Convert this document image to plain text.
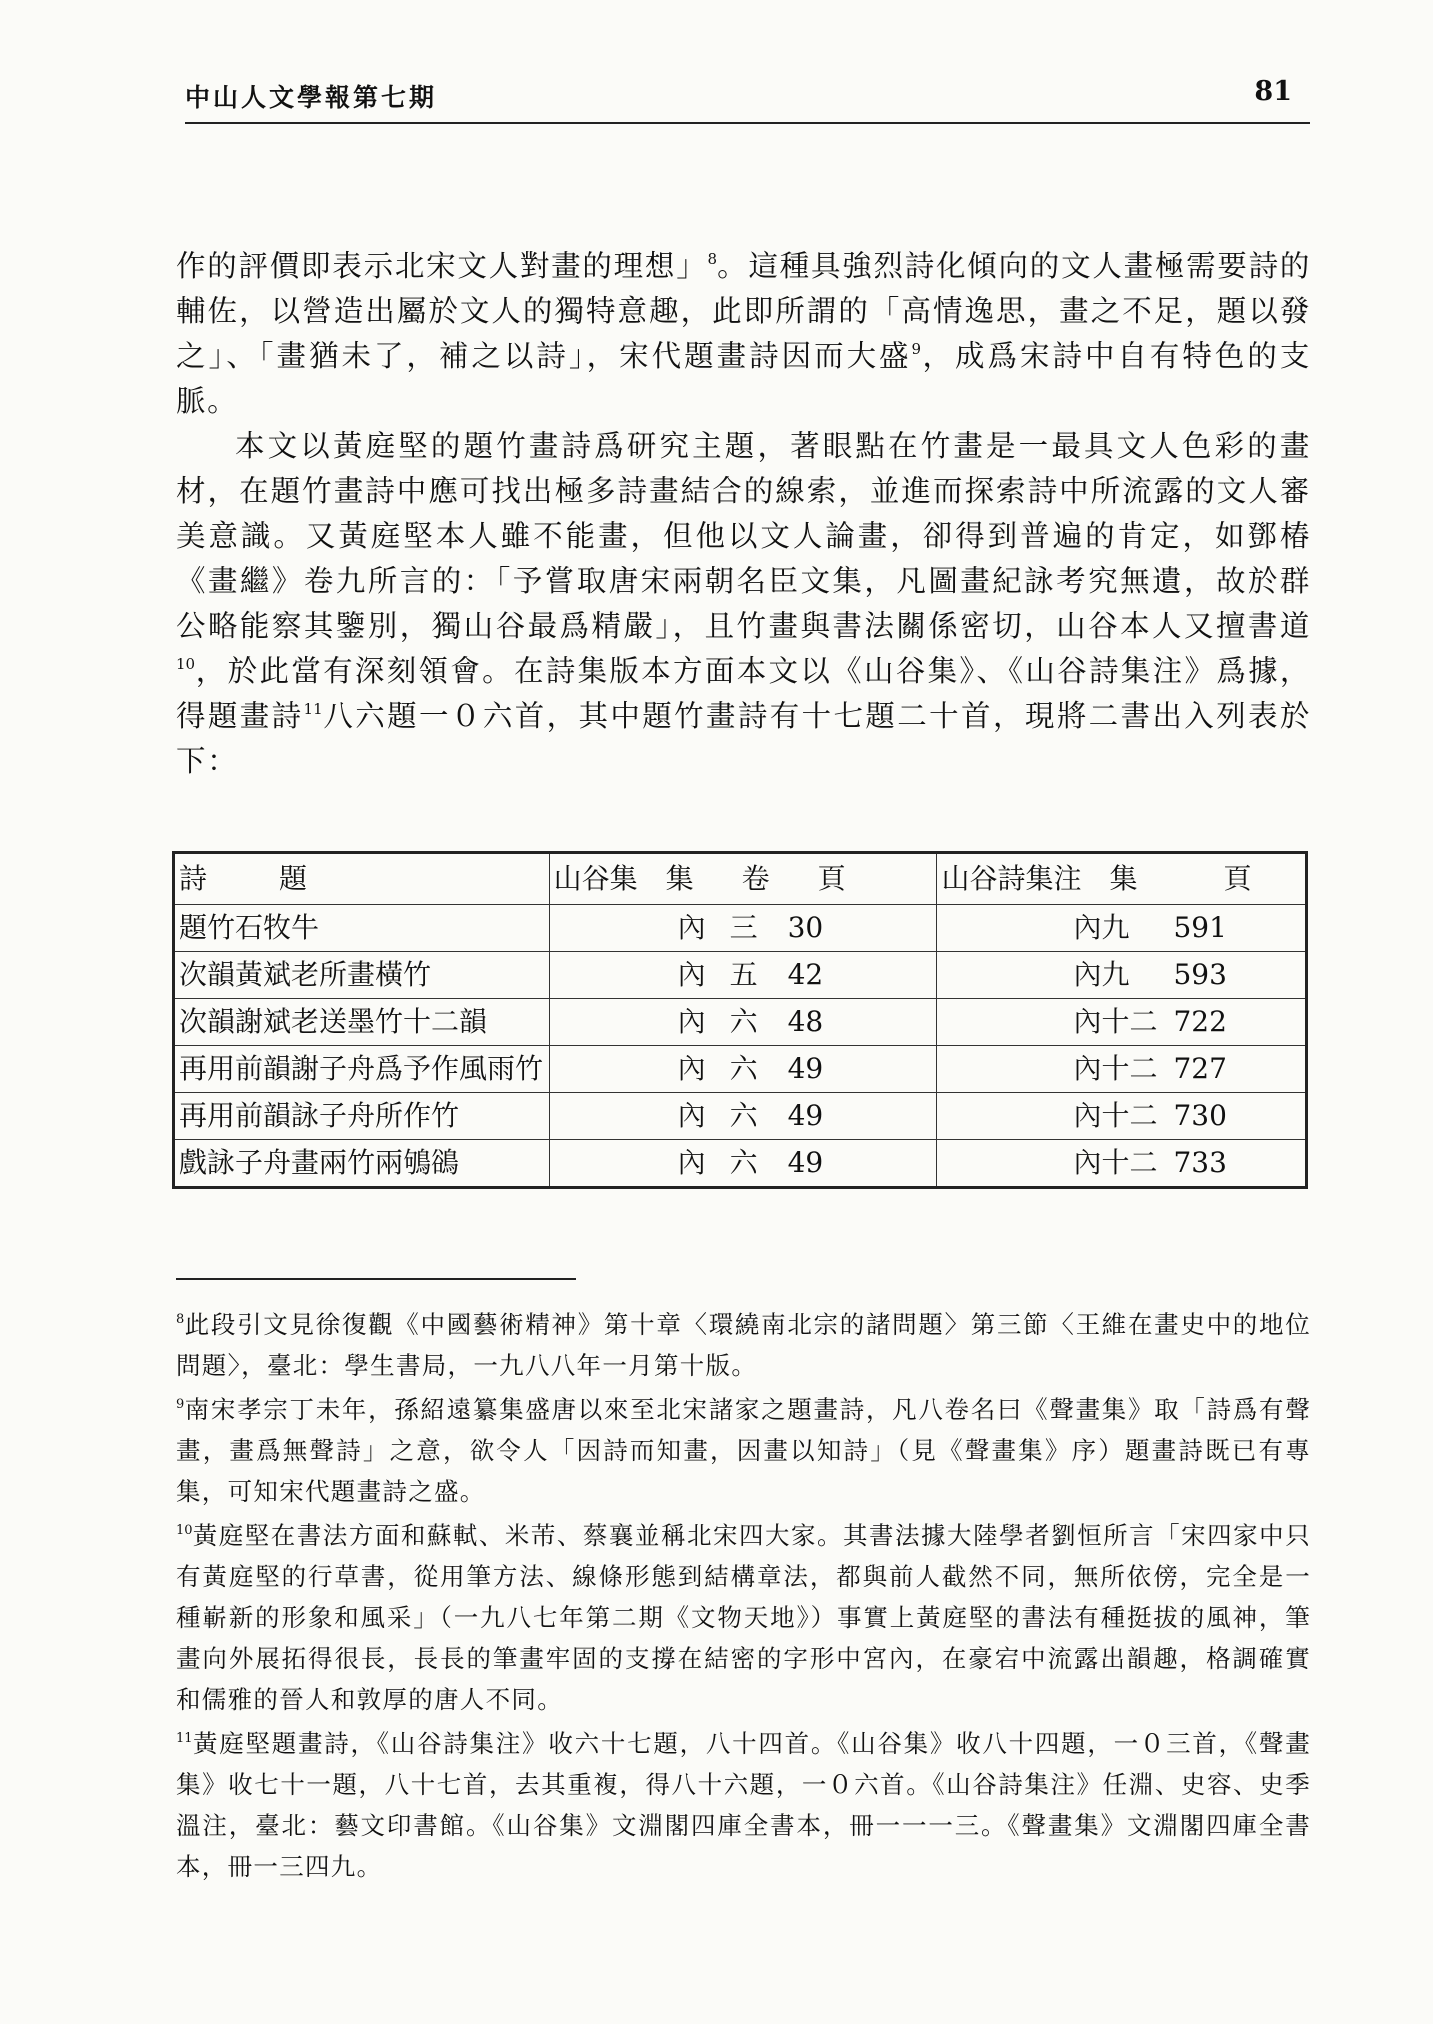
中山人文學報第七期	81

作的評價即表示北宋文人對畫的理想」$^8$。這種具強烈詩化傾向的文人畫極需要詩的輔佐，以營造出屬於文人的獨特意趣，此即所謂的「高情逸思，畫之不足，題以發之」、「畫猶未了，補之以詩」，宋代題畫詩因而大盛$^9$，成爲宋詩中自有特色的支脈。

本文以黃庭堅的題竹畫詩爲研究主題，著眼點在竹畫是一最具文人色彩的畫材，在題竹畫詩中應可找出極多詩畫結合的線索，並進而探索詩中所流露的文人審美意識。又黃庭堅本人雖不能畫，但他以文人論畫，卻得到普遍的肯定，如鄧椿《畫繼》卷九所言的：「予嘗取唐宋兩朝名臣文集，凡圖畫紀詠考究無遺，故於群公略能察其鑒別，獨山谷最爲精嚴」，且竹畫與書法關係密切，山谷本人又擅書道$^{10}$，於此當有深刻領會。在詩集版本方面本文以《山谷集》、《山谷詩集注》爲據，得題畫詩$^{11}$八六題一０六首，其中題竹畫詩有十七題二十首，現將二書出入列表於下：

詩 題	山谷集　 集　卷　頁	山谷詩集注　 集　　頁
題竹石牧牛	內 三 30	內九 591
次韻黃斌老所畫橫竹	內 五 42	內九 593
次韻謝斌老送墨竹十二韻	內 六 48	內十二 722
再用前韻謝子舟爲予作風雨竹	內 六 49	內十二 727
再用前韻詠子舟所作竹	內 六 49	內十二 730
戲詠子舟畫兩竹兩鴝鵒	內 六 49	內十二 733

$^8$此段引文見徐復觀《中國藝術精神》第十章〈環繞南北宗的諸問題〉第三節〈王維在畫史中的地位問題〉，臺北：學生書局，一九八八年一月第十版。

$^9$南宋孝宗丁未年，孫紹遠纂集盛唐以來至北宋諸家之題畫詩，凡八卷名曰《聲畫集》取「詩爲有聲畫，畫爲無聲詩」之意，欲令人「因詩而知畫，因畫以知詩」（見《聲畫集》序）題畫詩既已有專集，可知宋代題畫詩之盛。

$^{10}$黃庭堅在書法方面和蘇軾、米芾、蔡襄並稱北宋四大家。其書法據大陸學者劉恒所言「宋四家中只有黃庭堅的行草書，從用筆方法、線條形態到結構章法，都與前人截然不同，無所依傍，完全是一種嶄新的形象和風采」（一九八七年第二期《文物天地》）事實上黃庭堅的書法有種挺拔的風神，筆畫向外展拓得很長，長長的筆畫牢固的支撐在結密的字形中宮內，在豪宕中流露出韻趣，格調確實和儒雅的晉人和敦厚的唐人不同。

$^{11}$黃庭堅題畫詩，《山谷詩集注》收六十七題，八十四首。《山谷集》收八十四題，一０三首，《聲畫集》收七十一題，八十七首，去其重複，得八十六題，一０六首。《山谷詩集注》任淵、史容、史季溫注，臺北：藝文印書館。《山谷集》文淵閣四庫全書本，冊一一一三。《聲畫集》文淵閣四庫全書本，冊一三四九。
